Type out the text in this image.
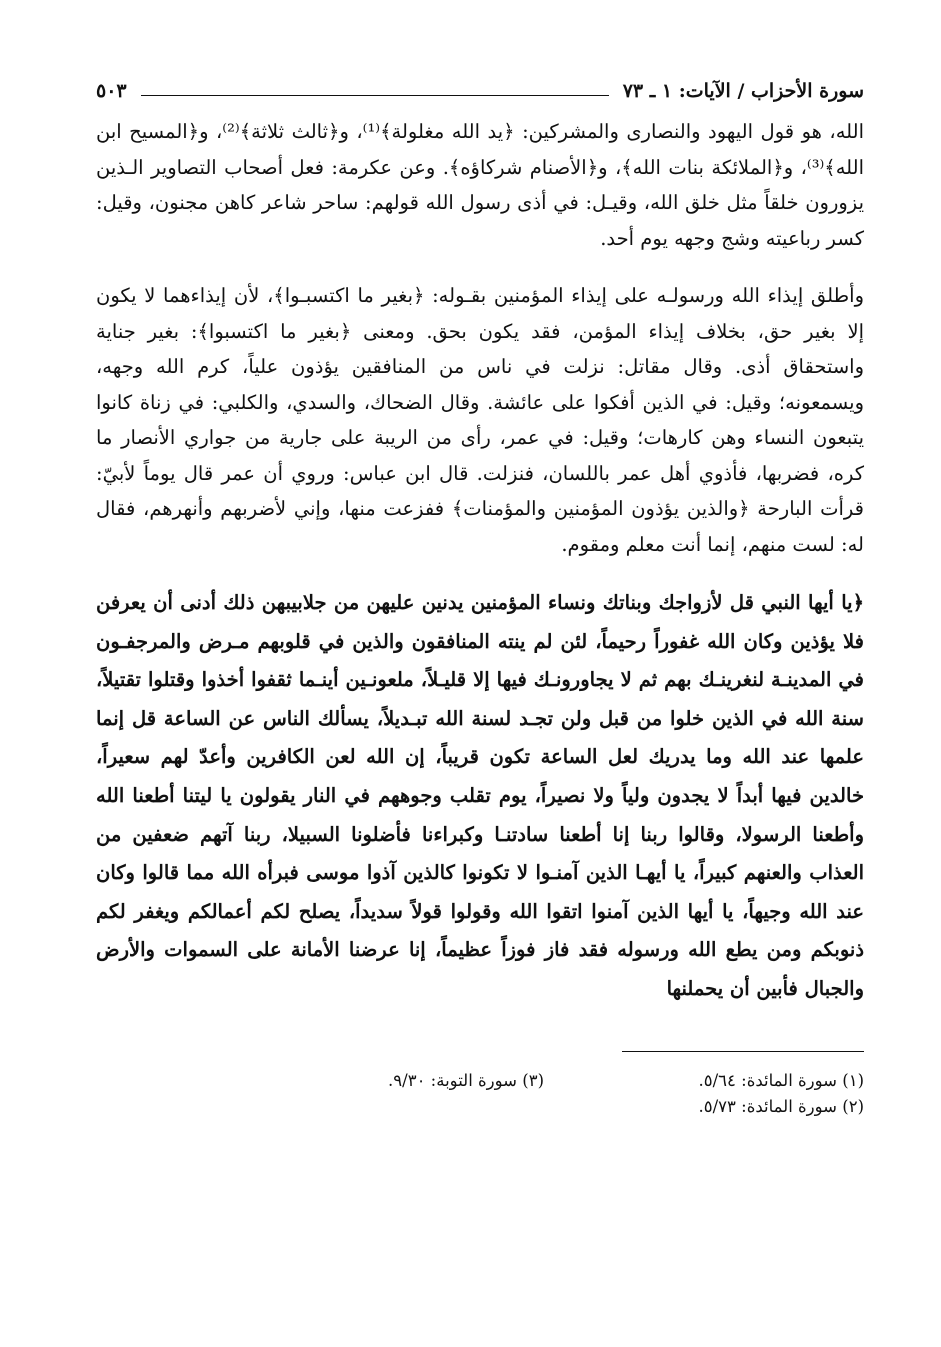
سورة الأحزاب / الآيات: ١ ـ ٧٣
٥٠٣

الله، هو قول اليهود والنصارى والمشركين: ﴿يد الله مغلولة﴾⁽¹⁾، و﴿ثالث ثلاثة﴾⁽²⁾، و﴿المسيح ابن الله﴾⁽³⁾، و﴿الملائكة بنات الله﴾، و﴿الأصنام شركاؤه﴾. وعن عكرمة: فعل أصحاب التصاوير الـذين يزورون خلقاً مثل خلق الله، وقيـل: في أذى رسول الله قولهم: ساحر شاعر كاهن مجنون، وقيل: كسر رباعيته وشج وجهه يوم أحد.

وأطلق إيذاء الله ورسولـه على إيذاء المؤمنين بقـوله: ﴿بغير ما اكتسبـوا﴾، لأن إيذاءهما لا يكون إلا بغير حق، بخلاف إيذاء المؤمن، فقد يكون بحق. ومعنى ﴿بغير ما اكتسبوا﴾: بغير جناية واستحقاق أذى. وقال مقاتل: نزلت في ناس من المنافقين يؤذون علياً، كرم الله وجهه، ويسمعونه؛ وقيل: في الذين أفكوا على عائشة. وقال الضحاك، والسدي، والكلبي: في زناة كانوا يتبعون النساء وهن كارهات؛ وقيل: في عمر، رأى من الريبة على جارية من جواري الأنصار ما كره، فضربها، فأذوي أهل عمر باللسان، فنزلت. قال ابن عباس: وروي أن عمر قال يوماً لأبيّ: قرأت البارحة ﴿والذين يؤذون المؤمنين والمؤمنات﴾ ففزعت منها، وإني لأضربهم وأنهرهم، فقال له: لست منهم، إنما أنت معلم ومقوم.

﴿يا أيها النبي قل لأزواجك وبناتك ونساء المؤمنين يدنين عليهن من جلابيبهن ذلك أدنى أن يعرفن فلا يؤذين وكان الله غفوراً رحيماً، لئن لم ينته المنافقون والذين في قلوبهم مـرض والمرجفـون في المدينـة لنغرينـك بهم ثم لا يجاورونـك فيها إلا قليـلاً، ملعونـين أينـما ثقفوا أخذوا وقتلوا تقتيلاً، سنة الله في الذين خلوا من قبل ولن تجـد لسنة الله تبـديلاً، يسألك الناس عن الساعة قل إنما علمها عند الله وما يدريك لعل الساعة تكون قريباً، إن الله لعن الكافرين وأعدّ لهم سعيراً، خالدين فيها أبداً لا يجدون ولياً ولا نصيراً، يوم تقلب وجوههم في النار يقولون يا ليتنا أطعنا الله وأطعنا الرسولا، وقالوا ربنا إنا أطعنا سادتنـا وكبراءنا فأضلونا السبيلا، ربنا آتهم ضعفين من العذاب والعنهم كبيراً، يا أيهـا الذين آمنـوا لا تكونوا كالذين آذوا موسى فبرأه الله مما قالوا وكان عند الله وجيهاً، يا أيها الذين آمنوا اتقوا الله وقولوا قولاً سديداً، يصلح لكم أعمالكم ويغفر لكم ذنوبكم ومن يطع الله ورسوله فقد فاز فوزاً عظيماً، إنا عرضنا الأمانة على السموات والأرض والجبال فأبين أن يحملنها

(١) سورة المائدة: ٥/٦٤.
(٣) سورة التوبة: ٩/٣٠.
(٢) سورة المائدة: ٥/٧٣.
